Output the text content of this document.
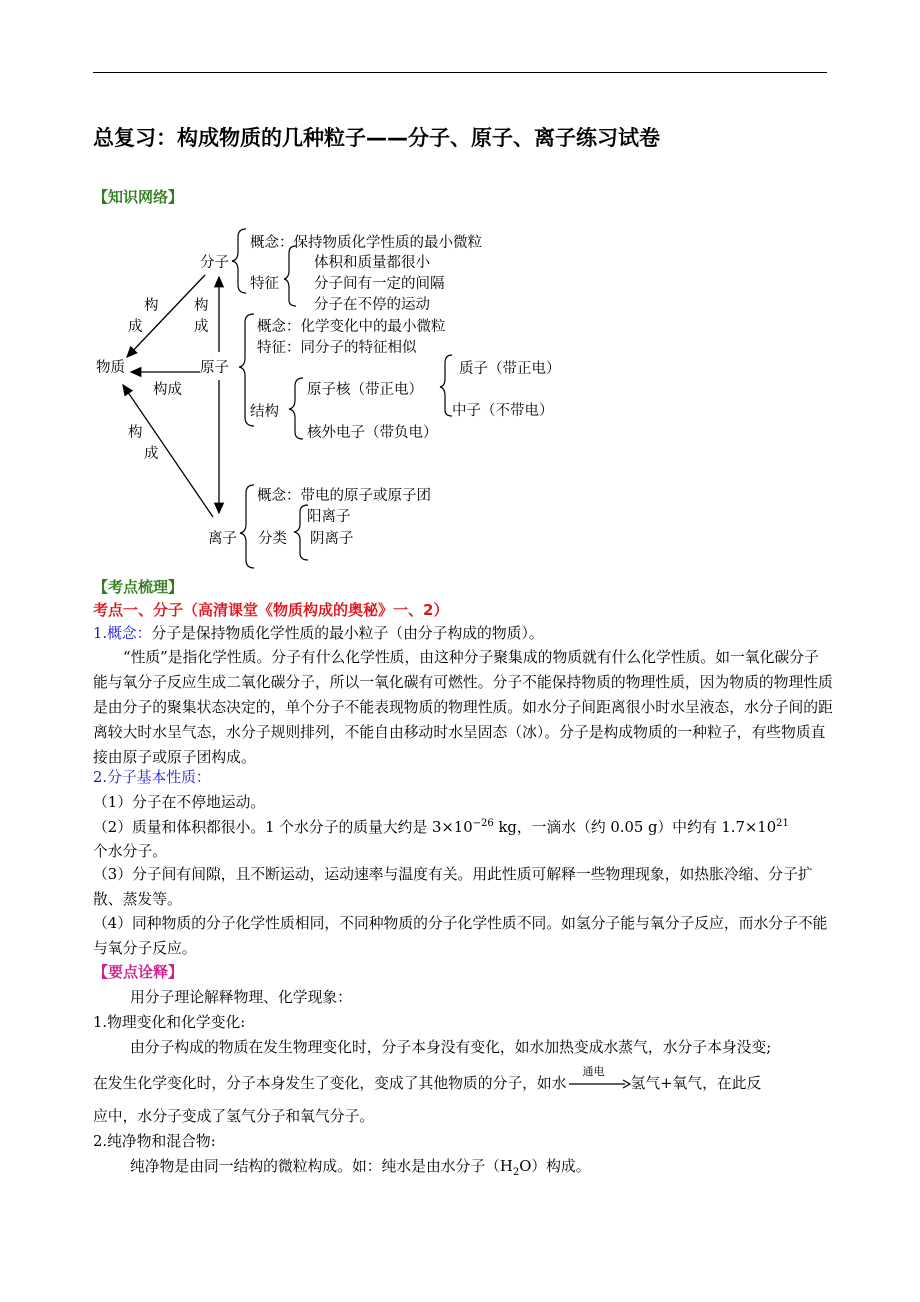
总复习：构成物质的几种粒子——分子、原子、离子练习试卷
【知识网络】
分子
概念：保持物质化学性质的最小微粒
特征
体积和质量都很小
分子间有一定的间隔
分子在不停的运动
构
成
构
成
物质	原子
构成
概念：化学变化中的最小微粒
特征：同分子的特征相似
结构
原子核（带正电）
核外电子（带负电）
质子（带正电）
中子（不带电）
构
成
概念：带电的原子或原子团
离子 分类
阳离子
阴离子
【考点梳理】
考点一、分子（高清课堂《物质构成的奥秘》一、2）
1.概念：分子是保持物质化学性质的最小粒子（由分子构成的物质）。
“性质”是指化学性质。分子有什么化学性质，由这种分子聚集成的物质就有什么化学性质。如一氧化碳分子能与氧分子反应生成二氧化碳分子，所以一氧化碳有可燃性。分子不能保持物质的物理性质，因为物质的物理性质是由分子的聚集状态决定的，单个分子不能表现物质的物理性质。如水分子间距离很小时水呈液态，水分子间的距离较大时水呈气态，水分子规则排列，不能自由移动时水呈固态（冰）。分子是构成物质的一种粒子，有些物质直接由原子或原子团构成。
2.分子基本性质：
（1）分子在不停地运动。
（2）质量和体积都很小。1 个水分子的质量大约是 $3\times 10^{-26}$ kg，一滴水（约 0.05 g）中约有 $1.7\times 10^{21}$
个水分子。
（3）分子间有间隙，且不断运动，运动速率与温度有关。用此性质可解释一些物理现象，如热胀冷缩、分子扩散、蒸发等。
（4）同种物质的分子化学性质相同，不同种物质的分子化学性质不同。如氢分子能与氧分子反应，而水分子不能与氧分子反应。
【要点诠释】
用分子理论解释物理、化学现象：
1.物理变化和化学变化:
由分子构成的物质在发生物理变化时，分子本身没有变化，如水加热变成水蒸气，水分子本身没变;
在发生化学变化时，分子本身发生了变化，变成了其他物质的分子，如水
通电
氢气+氧气，在此反
应中，水分子变成了氢气分子和氧气分子。
2.纯净物和混合物:
纯净物是由同一结构的微粒构成。如：纯水是由水分子$(H_2O)$构成。
